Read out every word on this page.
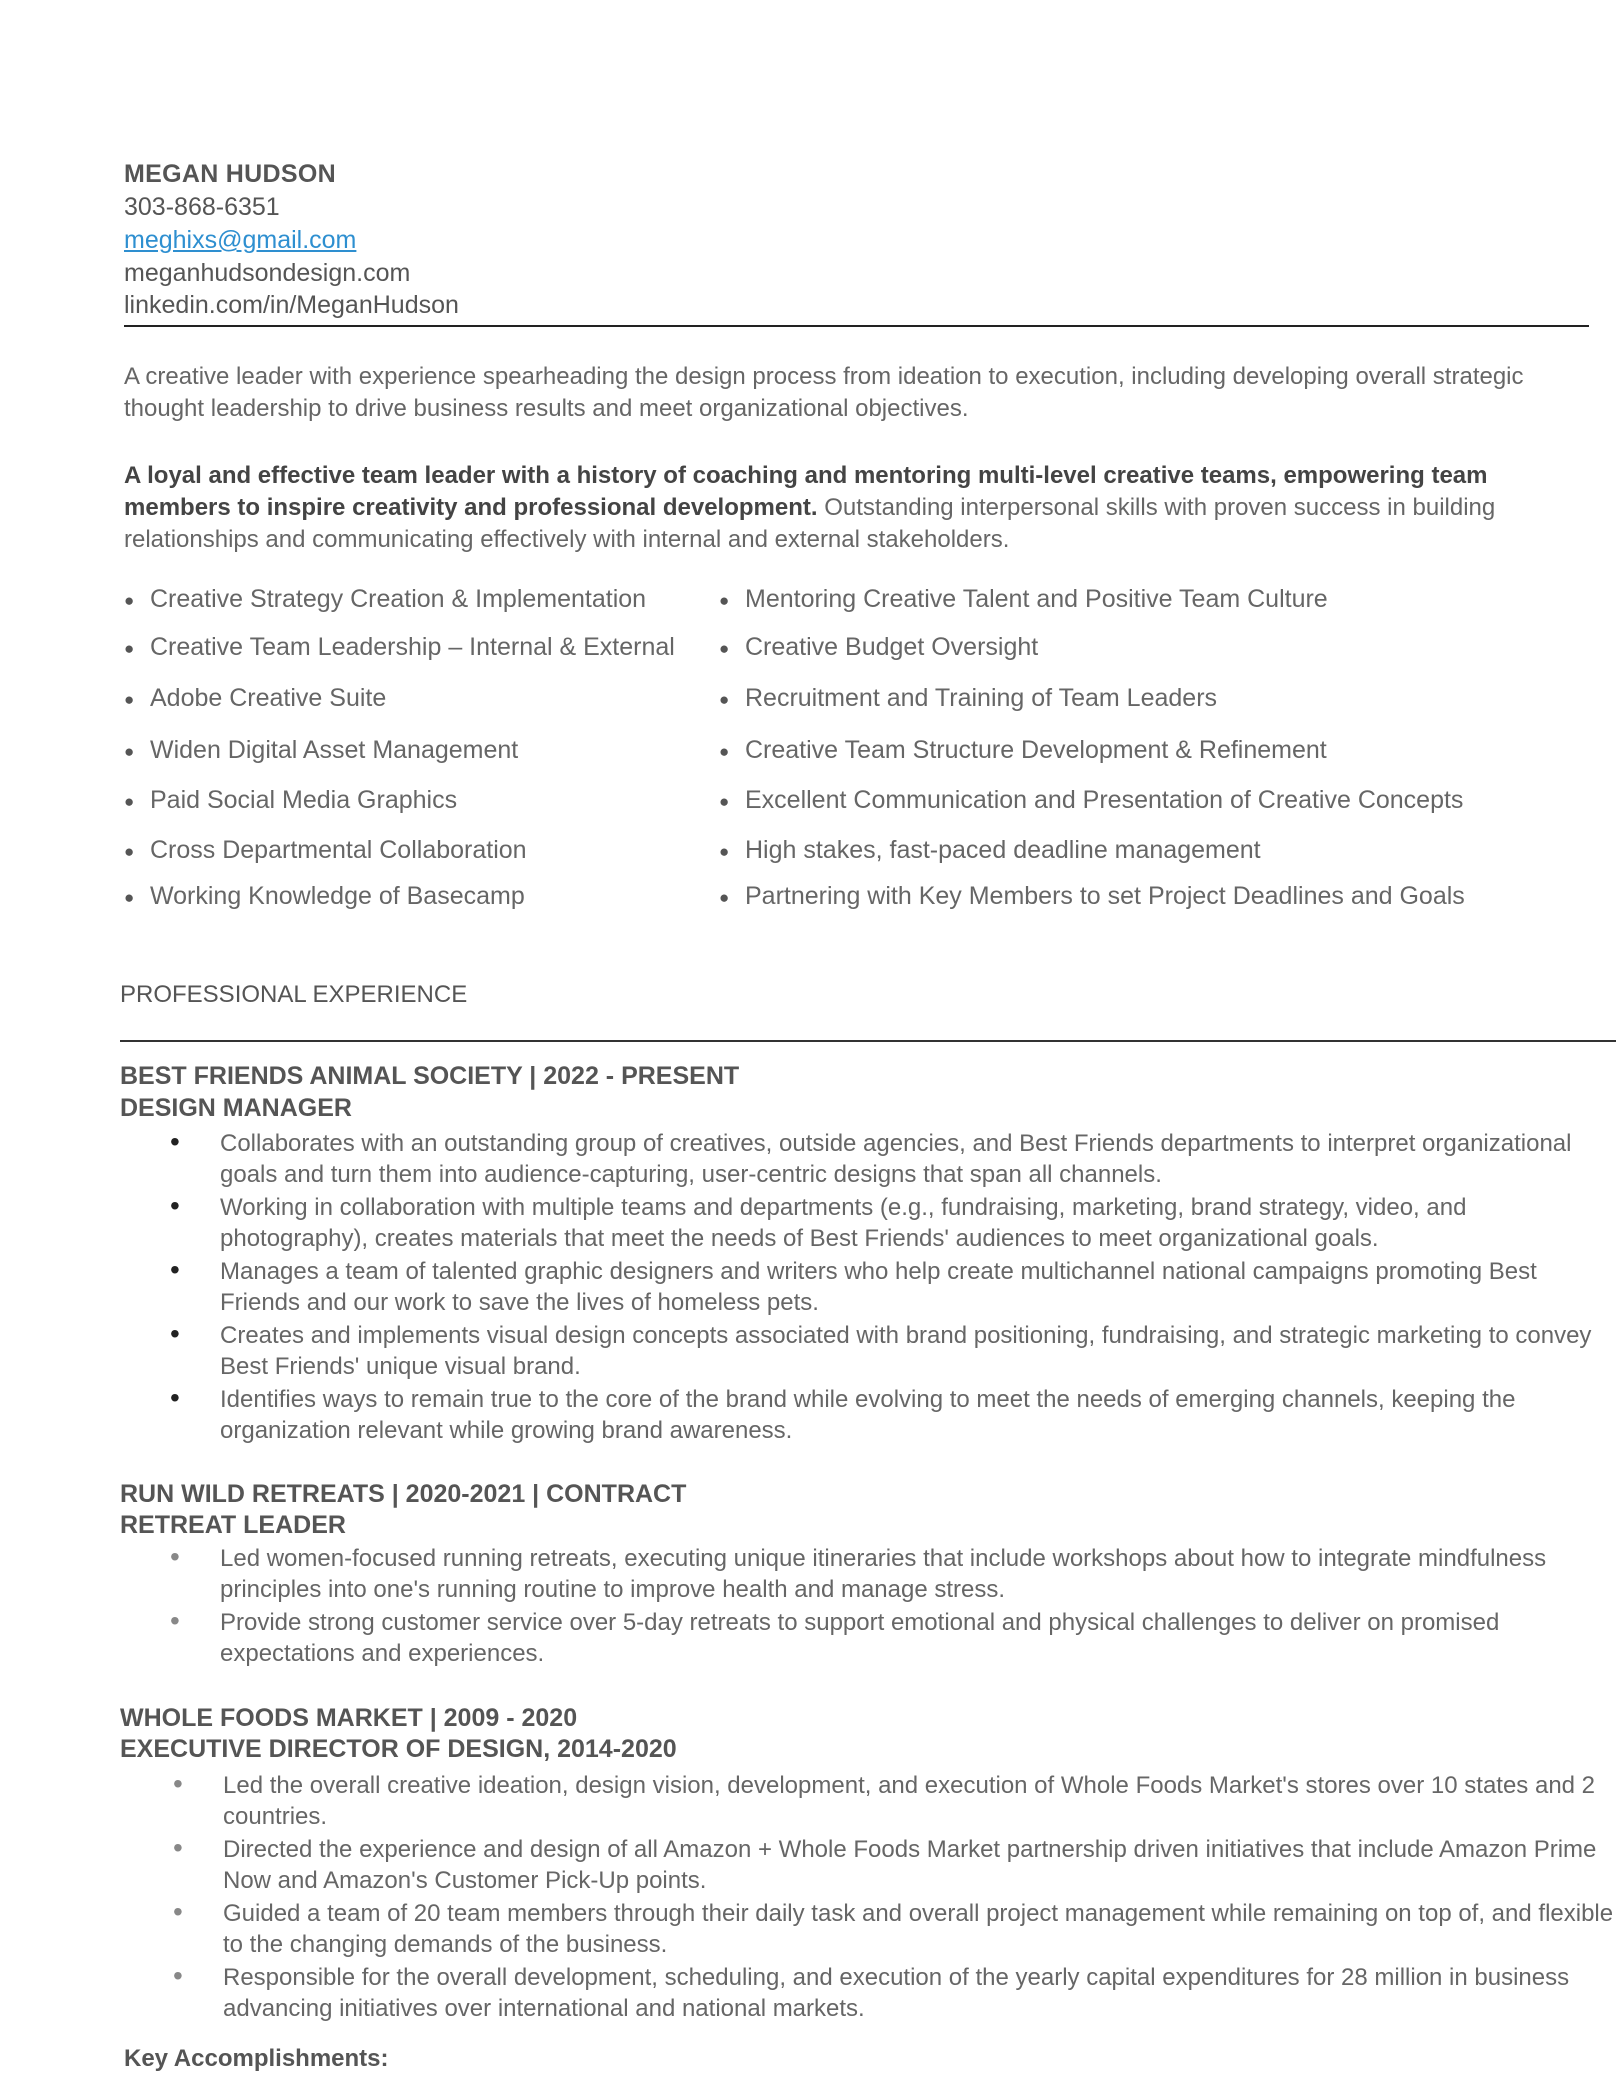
MEGAN HUDSON
303-868-6351
meghixs@gmail.com
meganhudsondesign.com
linkedin.com/in/MeganHudson
A creative leader with experience spearheading the design process from ideation to execution, including developing overall strategic thought leadership to drive business results and meet organizational objectives.
A loyal and effective team leader with a history of coaching and mentoring multi-level creative teams, empowering team members to inspire creativity and professional development. Outstanding interpersonal skills with proven success in building relationships and communicating effectively with internal and external stakeholders.
● Creative Strategy Creation & Implementation
● Creative Team Leadership – Internal & External
● Adobe Creative Suite
● Widen Digital Asset Management
● Paid Social Media Graphics
● Cross Departmental Collaboration
● Working Knowledge of Basecamp
● Mentoring Creative Talent and Positive Team Culture
● Creative Budget Oversight
● Recruitment and Training of Team Leaders
● Creative Team Structure Development & Refinement
● Excellent Communication and Presentation of Creative Concepts
● High stakes, fast-paced deadline management
● Partnering with Key Members to set Project Deadlines and Goals
PROFESSIONAL EXPERIENCE
BEST FRIENDS ANIMAL SOCIETY | 2022 - PRESENT
DESIGN MANAGER
• Collaborates with an outstanding group of creatives, outside agencies, and Best Friends departments to interpret organizational goals and turn them into audience-capturing, user-centric designs that span all channels.
• Working in collaboration with multiple teams and departments (e.g., fundraising, marketing, brand strategy, video, and photography), creates materials that meet the needs of Best Friends' audiences to meet organizational goals.
• Manages a team of talented graphic designers and writers who help create multichannel national campaigns promoting Best Friends and our work to save the lives of homeless pets.
• Creates and implements visual design concepts associated with brand positioning, fundraising, and strategic marketing to convey Best Friends' unique visual brand.
• Identifies ways to remain true to the core of the brand while evolving to meet the needs of emerging channels, keeping the organization relevant while growing brand awareness.
RUN WILD RETREATS | 2020-2021 | CONTRACT
RETREAT LEADER
• Led women-focused running retreats, executing unique itineraries that include workshops about how to integrate mindfulness principles into one's running routine to improve health and manage stress.
• Provide strong customer service over 5-day retreats to support emotional and physical challenges to deliver on promised expectations and experiences.
WHOLE FOODS MARKET | 2009 - 2020
EXECUTIVE DIRECTOR OF DESIGN, 2014-2020
• Led the overall creative ideation, design vision, development, and execution of Whole Foods Market's stores over 10 states and 2 countries.
• Directed the experience and design of all Amazon + Whole Foods Market partnership driven initiatives that include Amazon Prime Now and Amazon's Customer Pick-Up points.
• Guided a team of 20 team members through their daily task and overall project management while remaining on top of, and flexible to the changing demands of the business.
• Responsible for the overall development, scheduling, and execution of the yearly capital expenditures for 28 million in business advancing initiatives over international and national markets.
Key Accomplishments:
